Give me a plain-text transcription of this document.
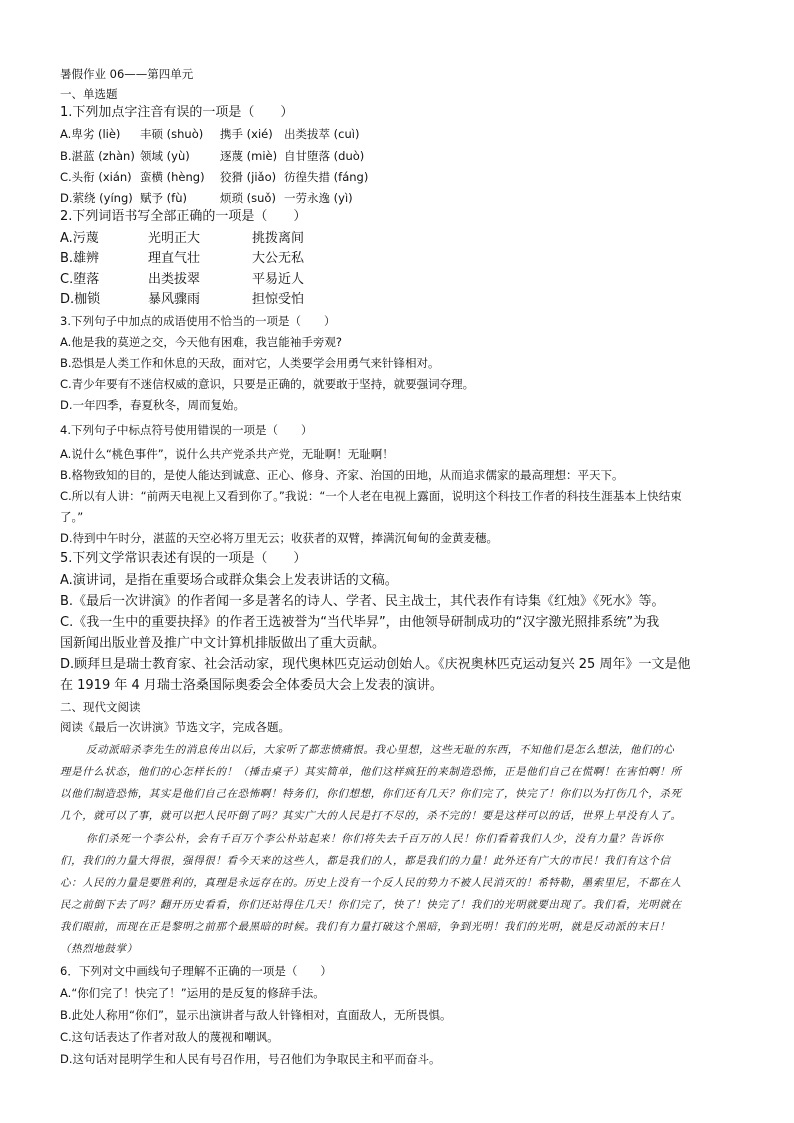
暑假作业 06——第四单元
一、单选题
1.下列加点字注音有误的一项是（　　）
A.卑劣 (liè) 丰硕 (shuò) 携手 (xié) 出类拔萃 (cuì)
B.湛蓝 (zhàn) 领域 (yù)	逐蔑 (miè) 自甘堕落 (duò)
C.头衔 (xián) 蛮横 (hèng) 狡猾 (jiǎo) 彷徨失措 (fáng)
D.萦绕 (yíng) 赋予 (fù)	烦琐 (suǒ) 一劳永逸 (yì)
2.下列词语书写全部正确的一项是（　　）
A.污蔑	光明正大	挑拨离间
B.雄辨	理直气壮	大公无私
C.堕落	出类拔翠	平易近人
D.枷锁	暴风骤雨	担惊受怕
3.下列句子中加点的成语使用不恰当的一项是（　　）
A.他是我的莫逆之交，今天他有困难，我岂能袖手旁观?
B.恐惧是人类工作和休息的天敌，面对它，人类要学会用勇气来针锋相对。
C.青少年要有不迷信权威的意识，只要是正确的，就要敢于坚持，就要强词夺理。
D.一年四季，春夏秋冬，周而复始。
4.下列句子中标点符号使用错误的一项是（　　）
A.说什么“桃色事件”，说什么共产党杀共产党，无耻啊！无耻啊！
B.格物致知的目的，是使人能达到诚意、正心、修身、齐家、治国的田地，从而追求儒家的最高理想：平天下。
C.所以有人讲：“前两天电视上又看到你了。”我说：“一个人老在电视上露面，说明这个科技工作者的科技生涯基本上快结束
了。”
D.待到中午时分，湛蓝的天空必将万里无云；收获者的双臂，捧满沉甸甸的金黄麦穗。
5.下列文学常识表述有误的一项是（　　）
A.演讲词，是指在重要场合或群众集会上发表讲话的文稿。
B.《最后一次讲演》的作者闻一多是著名的诗人、学者、民主战士，其代表作有诗集《红烛》《死水》等。
C.《我一生中的重要抉择》的作者王选被誉为“当代毕昇”，由他领导研制成功的“汉字激光照排系统”为我
国新闻出版业普及推广中文计算机排版做出了重大贡献。
D.顾拜旦是瑞士教育家、社会活动家，现代奥林匹克运动创始人。《庆祝奥林匹克运动复兴 25 周年》一文是他
在 1919 年 4 月瑞士洛桑国际奥委会全体委员大会上发表的演讲。
二、现代文阅读
阅读《最后一次讲演》节选文字，完成各题。
反动派暗杀李先生的消息传出以后，大家听了都悲愤痛恨。我心里想，这些无耻的东西，不知他们是怎么想法，他们的心
理是什么状态，他们的心怎样长的！（捶击桌子）其实简单，他们这样疯狂的来制造恐怖，正是他们自己在慌啊！在害怕啊！所
以他们制造恐怖，其实是他们自己在恐怖啊！特务们，你们想想，你们还有几天？你们完了，快完了！你们以为打伤几个，杀死
几个，就可以了事，就可以把人民吓倒了吗？其实广大的人民是打不尽的，杀不完的！要是这样可以的话，世界上早没有人了。
你们杀死一个李公朴，会有千百万个李公朴站起来！你们将失去千百万的人民！你们看着我们人少，没有力量？告诉你
们，我们的力量大得很，强得很！看今天来的这些人，都是我们的人，都是我们的力量！此外还有广大的市民！我们有这个信
心：人民的力量是要胜利的，真理是永远存在的。历史上没有一个反人民的势力不被人民消灭的！希特勒，墨索里尼，不都在人
民之前倒下去了吗？翻开历史看看，你们还站得住几天！你们完了，快了！快完了！我们的光明就要出现了。我们看，光明就在
我们眼前，而现在正是黎明之前那个最黑暗的时候。我们有力量打破这个黑暗，争到光明！我们的光明，就是反动派的末日！
（热烈地鼓掌）
6．下列对文中画线句子理解不正确的一项是（　　）
A.“你们完了！快完了！”运用的是反复的修辞手法。
B.此处人称用“你们”，显示出演讲者与敌人针锋相对，直面敌人，无所畏惧。
C.这句话表达了作者对敌人的蔑视和嘲讽。
D.这句话对昆明学生和人民有号召作用，号召他们为争取民主和平而奋斗。
